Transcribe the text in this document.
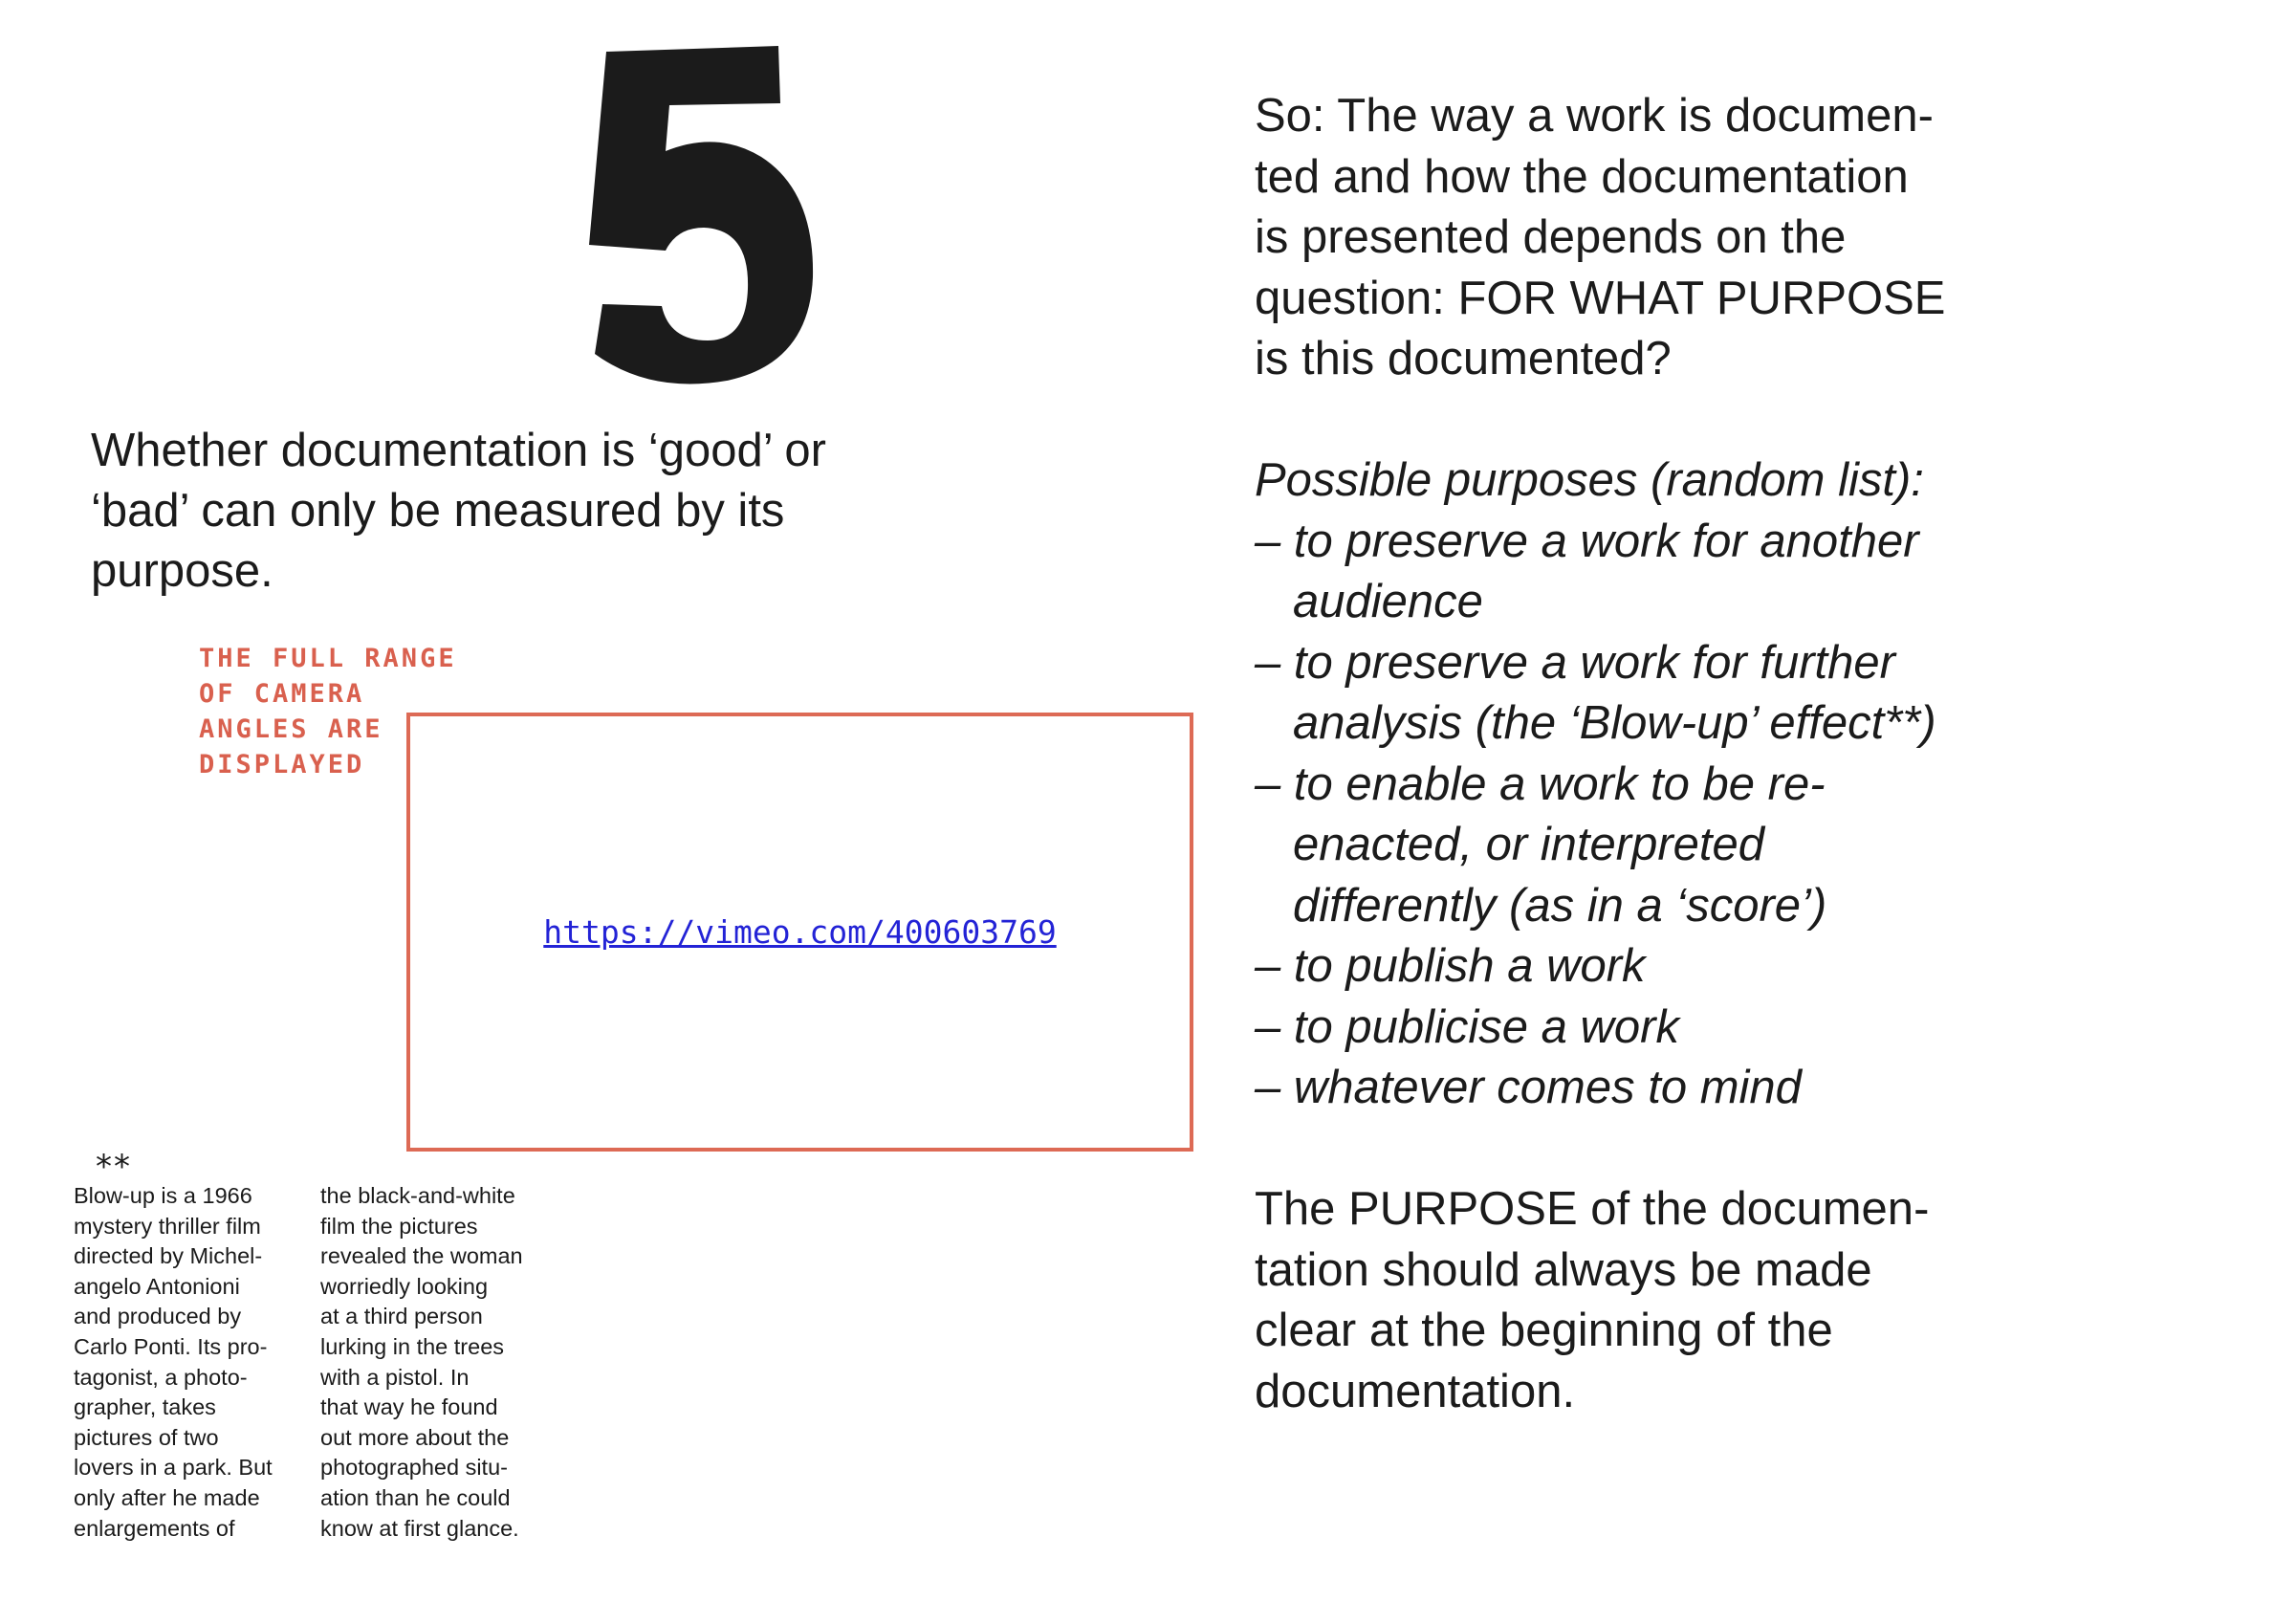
Whether documentation is ‘good’ or ‘bad’ can only be measured by its purpose.

THE FULL RANGE
OF CAMERA
ANGLES ARE
DISPLAYED
https://vimeo.com/400603769
**
Blow-up is a 1966
mystery thriller film
directed by Michel-
angelo Antonioni
and produced by
Carlo Ponti. Its pro-
tagonist, a photo-
grapher, takes
pictures of two
lovers in a park. But
only after he made
enlargements of
the black-and-white
film the pictures
revealed the woman
worriedly looking
at a third person
lurking in the trees
with a pistol. In
that way he found
out more about the
photographed situ-
ation than he could
know at first glance.
So: The way a work is documen-
ted and how the documentation
is presented depends on the
question: FOR WHAT PURPOSE
is this documented?
Possible purposes (random list):
– to preserve a work for another
audience
– to preserve a work for further
analysis (the ‘Blow-up’ effect**)
– to enable a work to be re-
enacted, or interpreted
differently (as in a ‘score’)
– to publish a work
– to publicise a work
– whatever comes to mind
The PURPOSE of the documen-
tation should always be made
clear at the beginning of the
documentation.
